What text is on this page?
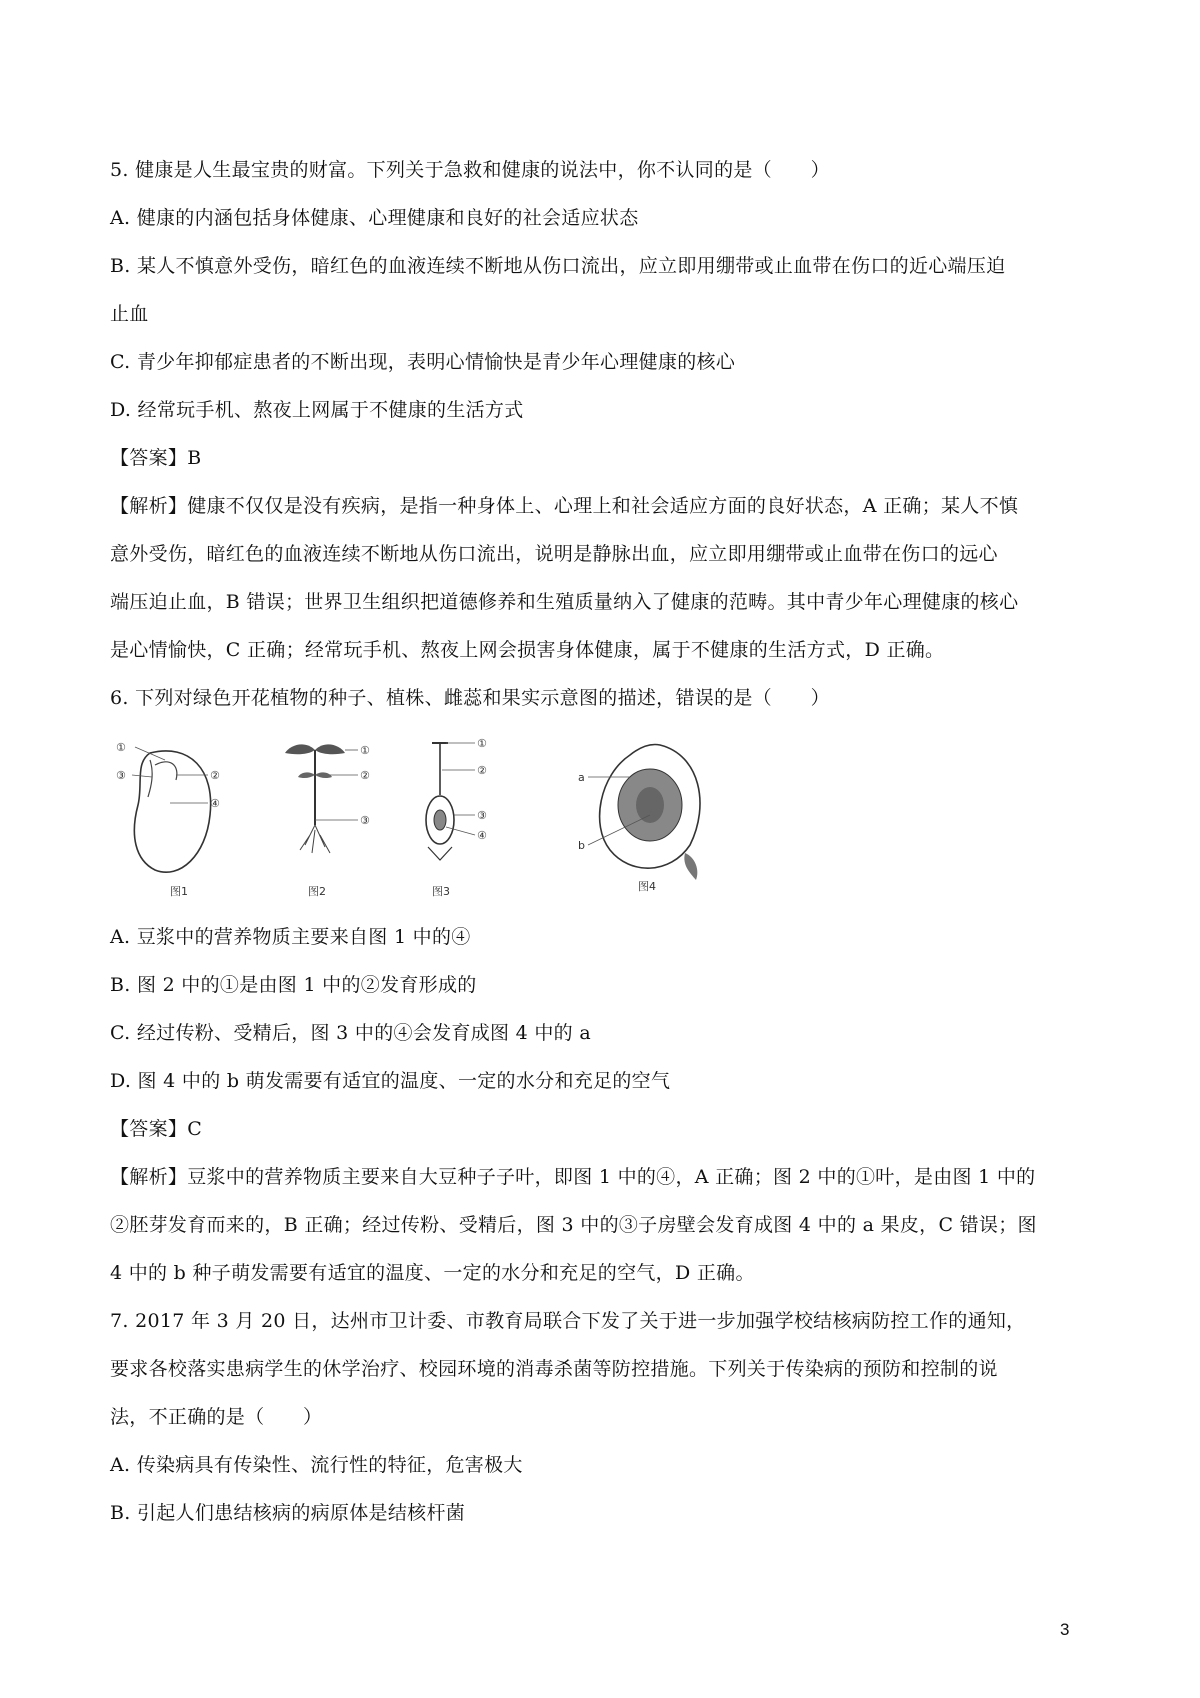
5. 健康是人生最宝贵的财富。下列关于急救和健康的说法中，你不认同的是（　　）
A. 健康的内涵包括身体健康、心理健康和良好的社会适应状态
B. 某人不慎意外受伤，暗红色的血液连续不断地从伤口流出，应立即用绷带或止血带在伤口的近心端压迫
止血
C. 青少年抑郁症患者的不断出现，表明心情愉快是青少年心理健康的核心
D. 经常玩手机、熬夜上网属于不健康的生活方式
【答案】B
【解析】健康不仅仅是没有疾病，是指一种身体上、心理上和社会适应方面的良好状态，A 正确；某人不慎
意外受伤，暗红色的血液连续不断地从伤口流出，说明是静脉出血，应立即用绷带或止血带在伤口的远心
端压迫止血，B 错误；世界卫生组织把道德修养和生殖质量纳入了健康的范畴。其中青少年心理健康的核心
是心情愉快，C 正确；经常玩手机、熬夜上网会损害身体健康，属于不健康的生活方式，D 正确。
6. 下列对绿色开花植物的种子、植株、雌蕊和果实示意图的描述，错误的是（　　）
①
③	②
④
图1
①
②
③
图2
①
②
③
④
图3
a
b
图4
A. 豆浆中的营养物质主要来自图 1 中的④
B. 图 2 中的①是由图 1 中的②发育形成的
C. 经过传粉、受精后，图 3 中的④会发育成图 4 中的 a
D. 图 4 中的 b 萌发需要有适宜的温度、一定的水分和充足的空气
【答案】C
【解析】豆浆中的营养物质主要来自大豆种子子叶，即图 1 中的④，A 正确；图 2 中的①叶，是由图 1 中的
②胚芽发育而来的，B 正确；经过传粉、受精后，图 3 中的③子房壁会发育成图 4 中的 a 果皮，C 错误；图
4 中的 b 种子萌发需要有适宜的温度、一定的水分和充足的空气，D 正确。
7. 2017 年 3 月 20 日，达州市卫计委、市教育局联合下发了关于进一步加强学校结核病防控工作的通知，
要求各校落实患病学生的休学治疗、校园环境的消毒杀菌等防控措施。下列关于传染病的预防和控制的说
法，不正确的是（　　）
A. 传染病具有传染性、流行性的特征，危害极大
B. 引起人们患结核病的病原体是结核杆菌
3
